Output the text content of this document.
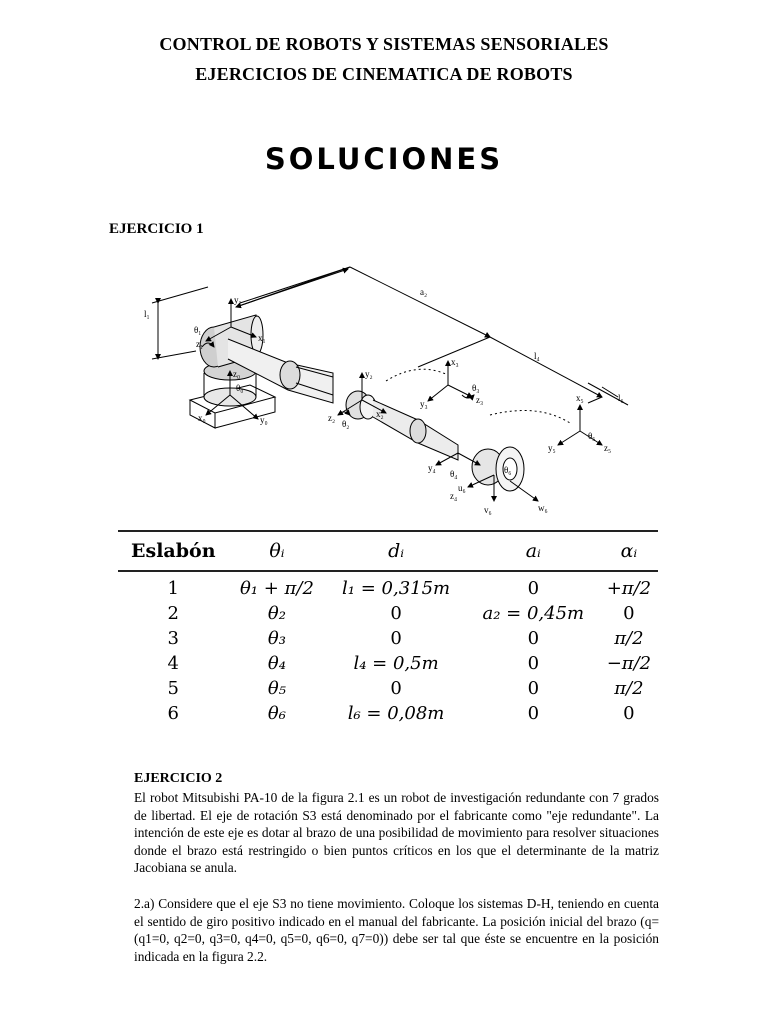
CONTROL DE ROBOTS Y SISTEMAS SENSORIALES
EJERCICIOS DE CINEMATICA DE ROBOTS
SOLUCIONES
EJERCICIO 1
l₁
a₂
l₄
l₆
y₁
x₁
z₁
θ₁
z₀
x₀	y₀
θ₀
y₂
x₂
z₂
θ₂
x₃
y₃	z₃
θ₃
y₄
z₄
θ₄
x₅
y₅	z₅
θ₅
u₆
v₆	w₆
θ₆
Eslabón	θᵢ	dᵢ	aᵢ	αᵢ
1	θ₁ + π/2	l₁ = 0,315m	0	+π/2
2	θ₂	0	a₂ = 0,45m	0
3	θ₃	0	0	π/2
4	θ₄	l₄ = 0,5m	0	−π/2
5	θ₅	0	0	π/2
6	θ₆	l₆ = 0,08m	0	0
EJERCICIO 2
El robot Mitsubishi PA-10 de la figura 2.1 es un robot de investigación redundante con 7 grados de libertad. El eje de rotación S3 está denominado por el fabricante como "eje redundante". La intención de este eje es dotar al brazo de una posibilidad de movimiento para resolver situaciones donde el brazo está restringido o bien puntos críticos en los que el determinante de la matriz Jacobiana se anula.
2.a) Considere que el eje S3 no tiene movimiento. Coloque los sistemas D-H, teniendo en cuenta el sentido de giro positivo indicado en el manual del fabricante. La posición inicial del brazo (q=(q1=0, q2=0, q3=0, q4=0, q5=0, q6=0, q7=0)) debe ser tal que éste se encuentre en la posición indicada en la figura 2.2.
